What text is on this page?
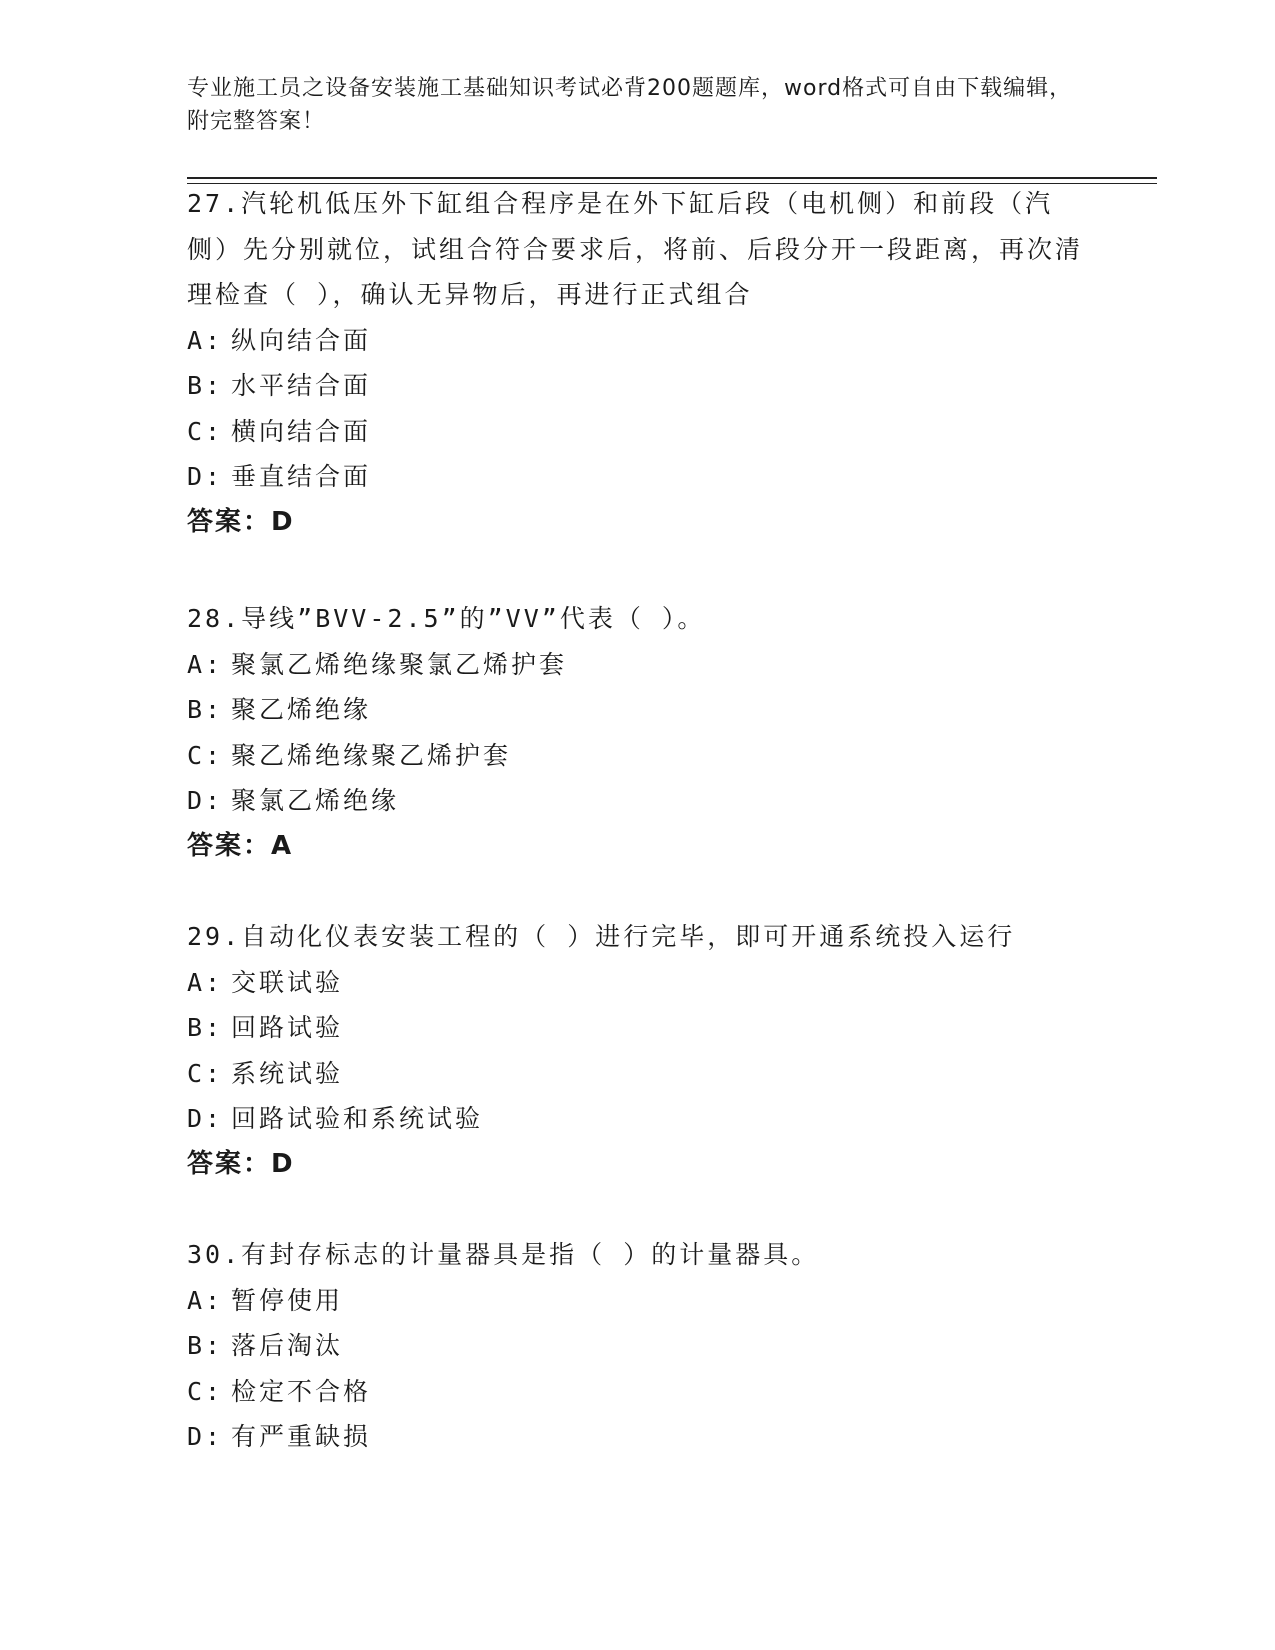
专业施工员之设备安装施工基础知识考试必背200题题库，word格式可自由下载编辑，附完整答案！

27.汽轮机低压外下缸组合程序是在外下缸后段（电机侧）和前段（汽侧）先分别就位，试组合符合要求后，将前、后段分开一段距离，再次清理检查（ ），确认无异物后，再进行正式组合

A: 纵向结合面
B: 水平结合面
C: 横向结合面
D: 垂直结合面
答案：D

28.导线”BVV-2.5”的”VV”代表（ ）。

A: 聚氯乙烯绝缘聚氯乙烯护套
B: 聚乙烯绝缘
C: 聚乙烯绝缘聚乙烯护套
D: 聚氯乙烯绝缘
答案：A

29.自动化仪表安装工程的（ ）进行完毕，即可开通系统投入运行

A: 交联试验
B: 回路试验
C: 系统试验
D: 回路试验和系统试验
答案：D

30.有封存标志的计量器具是指（ ）的计量器具。

A: 暂停使用
B: 落后淘汰
C: 检定不合格
D: 有严重缺损
